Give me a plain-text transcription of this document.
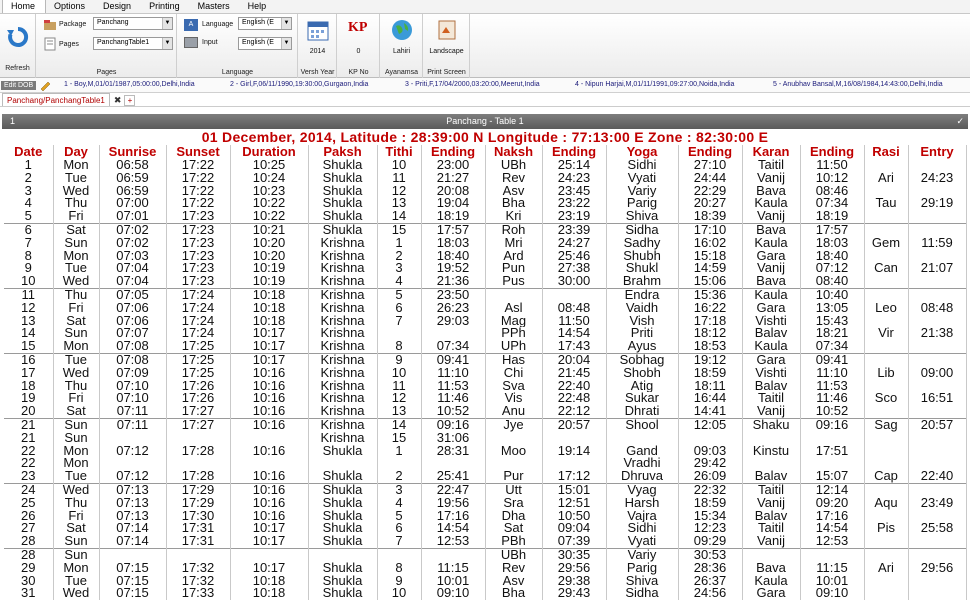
Home	Options	Design	Printing	Masters	Help
Refresh
Package	Panchang	▼
Pages	PanchangTable1	▼
Pages
A	Language	English (E	▼
Input	English (E	▼
Language
2014
Versh Year
KP
0
KP No
Lahiri
Ayanamsa
Landscape
Print Screen
Edit DOB	1 - Boy,M,01/01/1987,05:00:00,Delhi,India	2 - Girl,F,06/11/1990,19:30:00,Gurgaon,India	3 - Priti,F,17/04/2000,03:20:00,Meerut,India	4 - Nipun Harjai,M,01/11/1991,09:27:00,Noida,India	5 - Anubhav Bansal,M,16/08/1984,14:43:00,Delhi,India
Panchang/PanchangTable1	✖ +
1	Panchang - Table 1	✓
01 December, 2014, Latitude : 28:39:00 N Longitude : 77:13:00 E Zone : 82:30:00 E
Date	Day	Sunrise	Sunset	Duration	Paksh	Tithi	Ending	Naksh	Ending	Yoga	Ending	Karan	Ending	Rasi	Entry
1	Mon	06:58	17:22	10:25	Shukla	10	23:00	UBh	25:14	Sidhi	27:10	Taitil	11:50		
2	Tue	06:59	17:22	10:24	Shukla	11	21:27	Rev	24:23	Vyati	24:44	Vanij	10:12	Ari	24:23
3	Wed	06:59	17:22	10:23	Shukla	12	20:08	Asv	23:45	Variy	22:29	Bava	08:46		
4	Thu	07:00	17:22	10:22	Shukla	13	19:04	Bha	23:22	Parig	20:27	Kaula	07:34	Tau	29:19
5	Fri	07:01	17:23	10:22	Shukla	14	18:19	Kri	23:19	Shiva	18:39	Vanij	18:19		
6	Sat	07:02	17:23	10:21	Shukla	15	17:57	Roh	23:39	Sidha	17:10	Bava	17:57		
7	Sun	07:02	17:23	10:20	Krishna	1	18:03	Mri	24:27	Sadhy	16:02	Kaula	18:03	Gem	11:59
8	Mon	07:03	17:23	10:20	Krishna	2	18:40	Ard	25:46	Shubh	15:18	Gara	18:40		
9	Tue	07:04	17:23	10:19	Krishna	3	19:52	Pun	27:38	Shukl	14:59	Vanij	07:12	Can	21:07
10	Wed	07:04	17:23	10:19	Krishna	4	21:36	Pus	30:00	Brahm	15:06	Bava	08:40		
11	Thu	07:05	17:24	10:18	Krishna	5	23:50			Endra	15:36	Kaula	10:40		
12	Fri	07:06	17:24	10:18	Krishna	6	26:23	Asl	08:48	Vaidh	16:22	Gara	13:05	Leo	08:48
13	Sat	07:06	17:24	10:18	Krishna	7	29:03	Mag	11:50	Vish	17:18	Vishti	15:43		
14	Sun	07:07	17:24	10:17	Krishna			PPh	14:54	Priti	18:12	Balav	18:21	Vir	21:38
15	Mon	07:08	17:25	10:17	Krishna	8	07:34	UPh	17:43	Ayus	18:53	Kaula	07:34		
16	Tue	07:08	17:25	10:17	Krishna	9	09:41	Has	20:04	Sobhag	19:12	Gara	09:41		
17	Wed	07:09	17:25	10:16	Krishna	10	11:10	Chi	21:45	Shobh	18:59	Vishti	11:10	Lib	09:00
18	Thu	07:10	17:26	10:16	Krishna	11	11:53	Sva	22:40	Atig	18:11	Balav	11:53		
19	Fri	07:10	17:26	10:16	Krishna	12	11:46	Vis	22:48	Sukar	16:44	Taitil	11:46	Sco	16:51
20	Sat	07:11	17:27	10:16	Krishna	13	10:52	Anu	22:12	Dhrati	14:41	Vanij	10:52		
21	Sun	07:11	17:27	10:16	Krishna	14	09:16	Jye	20:57	Shool	12:05	Shaku	09:16	Sag	20:57
21	Sun				Krishna	15	31:06								
22	Mon	07:12	17:28	10:16	Shukla	1	28:31	Moo	19:14	Gand	09:03	Kinstu	17:51		
22	Mon									Vradhi	29:42				
23	Tue	07:12	17:28	10:16	Shukla	2	25:41	Pur	17:12	Dhruva	26:09	Balav	15:07	Cap	22:40
24	Wed	07:13	17:29	10:16	Shukla	3	22:47	Utt	15:01	Vyag	22:32	Taitil	12:14		
25	Thu	07:13	17:29	10:16	Shukla	4	19:56	Sra	12:51	Harsh	18:59	Vanij	09:20	Aqu	23:49
26	Fri	07:13	17:30	10:16	Shukla	5	17:16	Dha	10:50	Vajra	15:34	Balav	17:16		
27	Sat	07:14	17:31	10:17	Shukla	6	14:54	Sat	09:04	Sidhi	12:23	Taitil	14:54	Pis	25:58
28	Sun	07:14	17:31	10:17	Shukla	7	12:53	PBh	07:39	Vyati	09:29	Vanij	12:53		
28	Sun							UBh	30:35	Variy	30:53				
29	Mon	07:15	17:32	10:17	Shukla	8	11:15	Rev	29:56	Parig	28:36	Bava	11:15	Ari	29:56
30	Tue	07:15	17:32	10:18	Shukla	9	10:01	Asv	29:38	Shiva	26:37	Kaula	10:01		
31	Wed	07:15	17:33	10:18	Shukla	10	09:10	Bha	29:43	Sidha	24:56	Gara	09:10		
